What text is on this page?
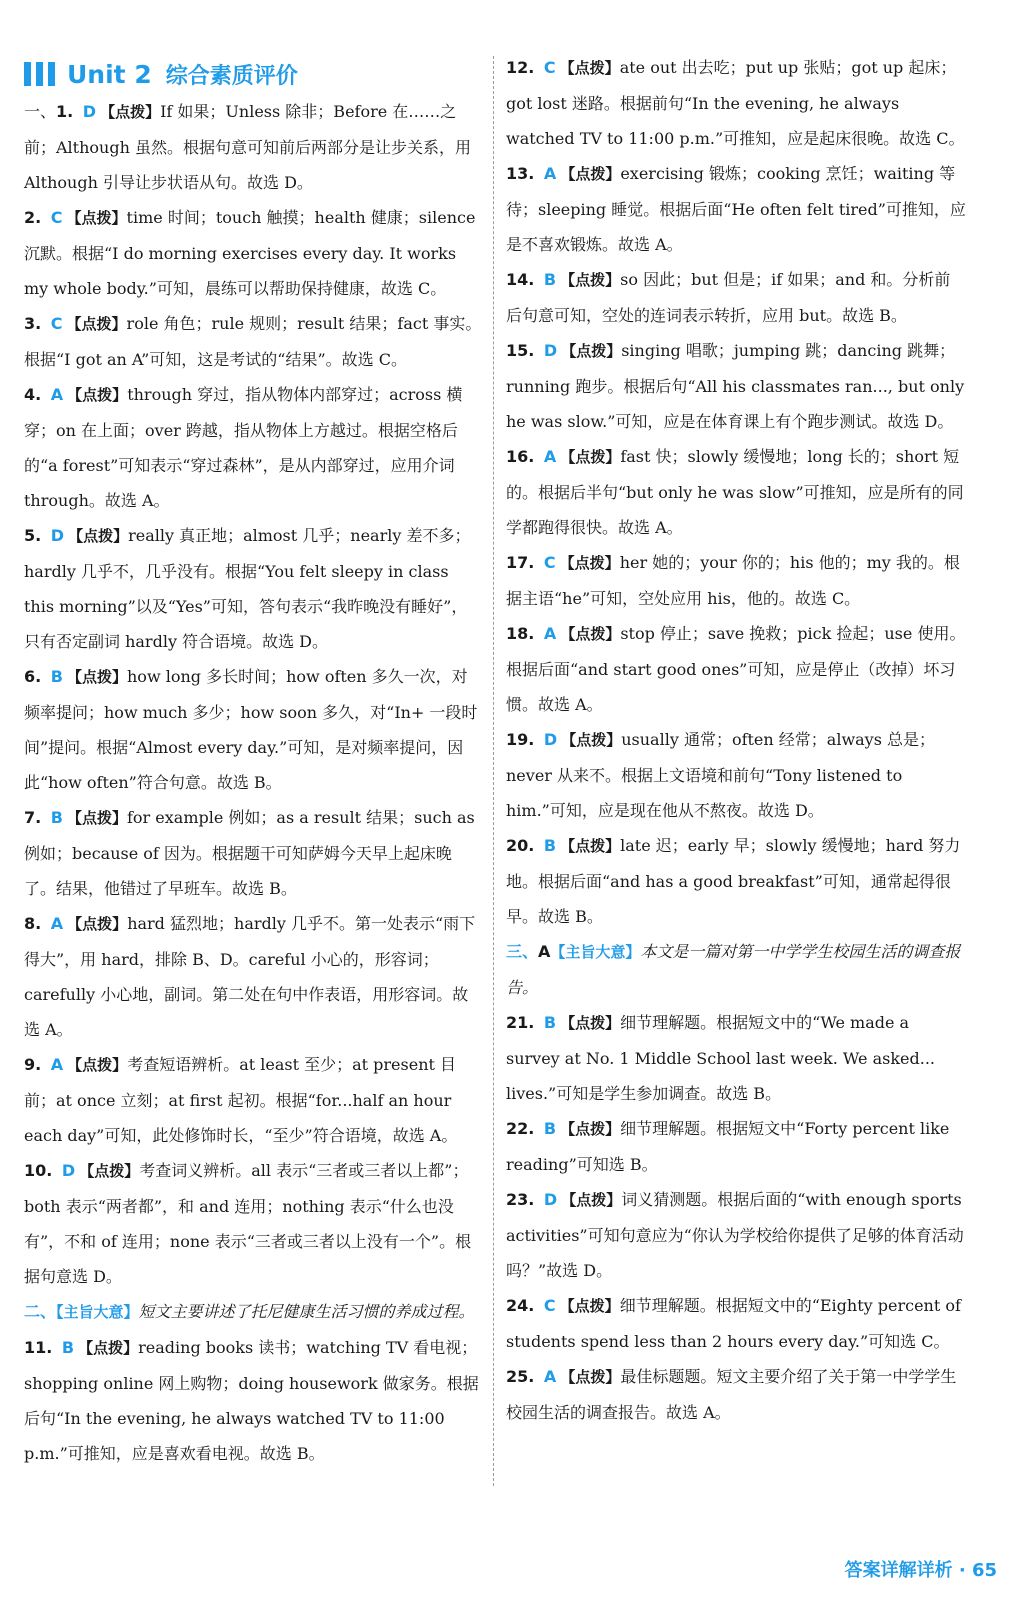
Unit 2 综合素质评价

一、1. D 【点拨】If 如果；Unless 除非；Before 在……之前；Although 虽然。根据句意可知前后两部分是让步关系，用 Although 引导让步状语从句。故选 D。

2. C 【点拨】time 时间；touch 触摸；health 健康；silence 沉默。根据“I do morning exercises every day. It works my whole body.”可知，晨练可以帮助保持健康，故选 C。

3. C 【点拨】role 角色；rule 规则；result 结果；fact 事实。根据“I got an A”可知，这是考试的“结果”。故选 C。

4. A 【点拨】through 穿过，指从物体内部穿过；across 横穿；on 在上面；over 跨越，指从物体上方越过。根据空格后的“a forest”可知表示“穿过森林”，是从内部穿过，应用介词 through。故选 A。

5. D 【点拨】really 真正地；almost 几乎；nearly 差不多；hardly 几乎不，几乎没有。根据“You felt sleepy in class this morning”以及“Yes”可知，答句表示“我昨晚没有睡好”，只有否定副词 hardly 符合语境。故选 D。

6. B 【点拨】how long 多长时间；how often 多久一次，对频率提问；how much 多少；how soon 多久，对“In+ 一段时间”提问。根据“Almost every day.”可知，是对频率提问，因此“how often”符合句意。故选 B。

7. B 【点拨】for example 例如；as a result 结果；such as 例如；because of 因为。根据题干可知萨姆今天早上起床晚了。结果，他错过了早班车。故选 B。

8. A 【点拨】hard 猛烈地；hardly 几乎不。第一处表示“雨下得大”，用 hard，排除 B、D。careful 小心的，形容词；carefully 小心地，副词。第二处在句中作表语，用形容词。故选 A。

9. A 【点拨】考查短语辨析。at least 至少；at present 目前；at once 立刻；at first 起初。根据“for...half an hour each day”可知，此处修饰时长，“至少”符合语境，故选 A。

10. D 【点拨】考查词义辨析。all 表示“三者或三者以上都”；both 表示“两者都”，和 and 连用；nothing 表示“什么也没有”，不和 of 连用；none 表示“三者或三者以上没有一个”。根据句意选 D。

二、【主旨大意】短文主要讲述了托尼健康生活习惯的养成过程。

11. B 【点拨】reading books 读书；watching TV 看电视；shopping online 网上购物；doing housework 做家务。根据后句“In the evening, he always watched TV to 11:00 p.m.”可推知，应是喜欢看电视。故选 B。

12. C 【点拨】ate out 出去吃；put up 张贴；got up 起床；got lost 迷路。根据前句“In the evening, he always watched TV to 11:00 p.m.”可推知，应是起床很晚。故选 C。

13. A 【点拨】exercising 锻炼；cooking 烹饪；waiting 等待；sleeping 睡觉。根据后面“He often felt tired”可推知，应是不喜欢锻炼。故选 A。

14. B 【点拨】so 因此；but 但是；if 如果；and 和。分析前后句意可知，空处的连词表示转折，应用 but。故选 B。

15. D 【点拨】singing 唱歌；jumping 跳；dancing 跳舞；running 跑步。根据后句“All his classmates ran..., but only he was slow.”可知，应是在体育课上有个跑步测试。故选 D。

16. A 【点拨】fast 快；slowly 缓慢地；long 长的；short 短的。根据后半句“but only he was slow”可推知，应是所有的同学都跑得很快。故选 A。

17. C 【点拨】her 她的；your 你的；his 他的；my 我的。根据主语“he”可知，空处应用 his，他的。故选 C。

18. A 【点拨】stop 停止；save 挽救；pick 捡起；use 使用。根据后面“and start good ones”可知，应是停止（改掉）坏习惯。故选 A。

19. D 【点拨】usually 通常；often 经常；always 总是；never 从来不。根据上文语境和前句“Tony listened to him.”可知，应是现在他从不熬夜。故选 D。

20. B 【点拨】late 迟；early 早；slowly 缓慢地；hard 努力地。根据后面“and has a good breakfast”可知，通常起得很早。故选 B。

三、A【主旨大意】本文是一篇对第一中学学生校园生活的调查报告。

21. B 【点拨】细节理解题。根据短文中的“We made a survey at No. 1 Middle School last week. We asked... lives.”可知是学生参加调查。故选 B。

22. B 【点拨】细节理解题。根据短文中“Forty percent like reading”可知选 B。

23. D 【点拨】词义猜测题。根据后面的“with enough sports activities”可知句意应为“你认为学校给你提供了足够的体育活动吗？”故选 D。

24. C 【点拨】细节理解题。根据短文中的“Eighty percent of students spend less than 2 hours every day.”可知选 C。

25. A 【点拨】最佳标题题。短文主要介绍了关于第一中学学生校园生活的调查报告。故选 A。

答案详解详析 · 65
